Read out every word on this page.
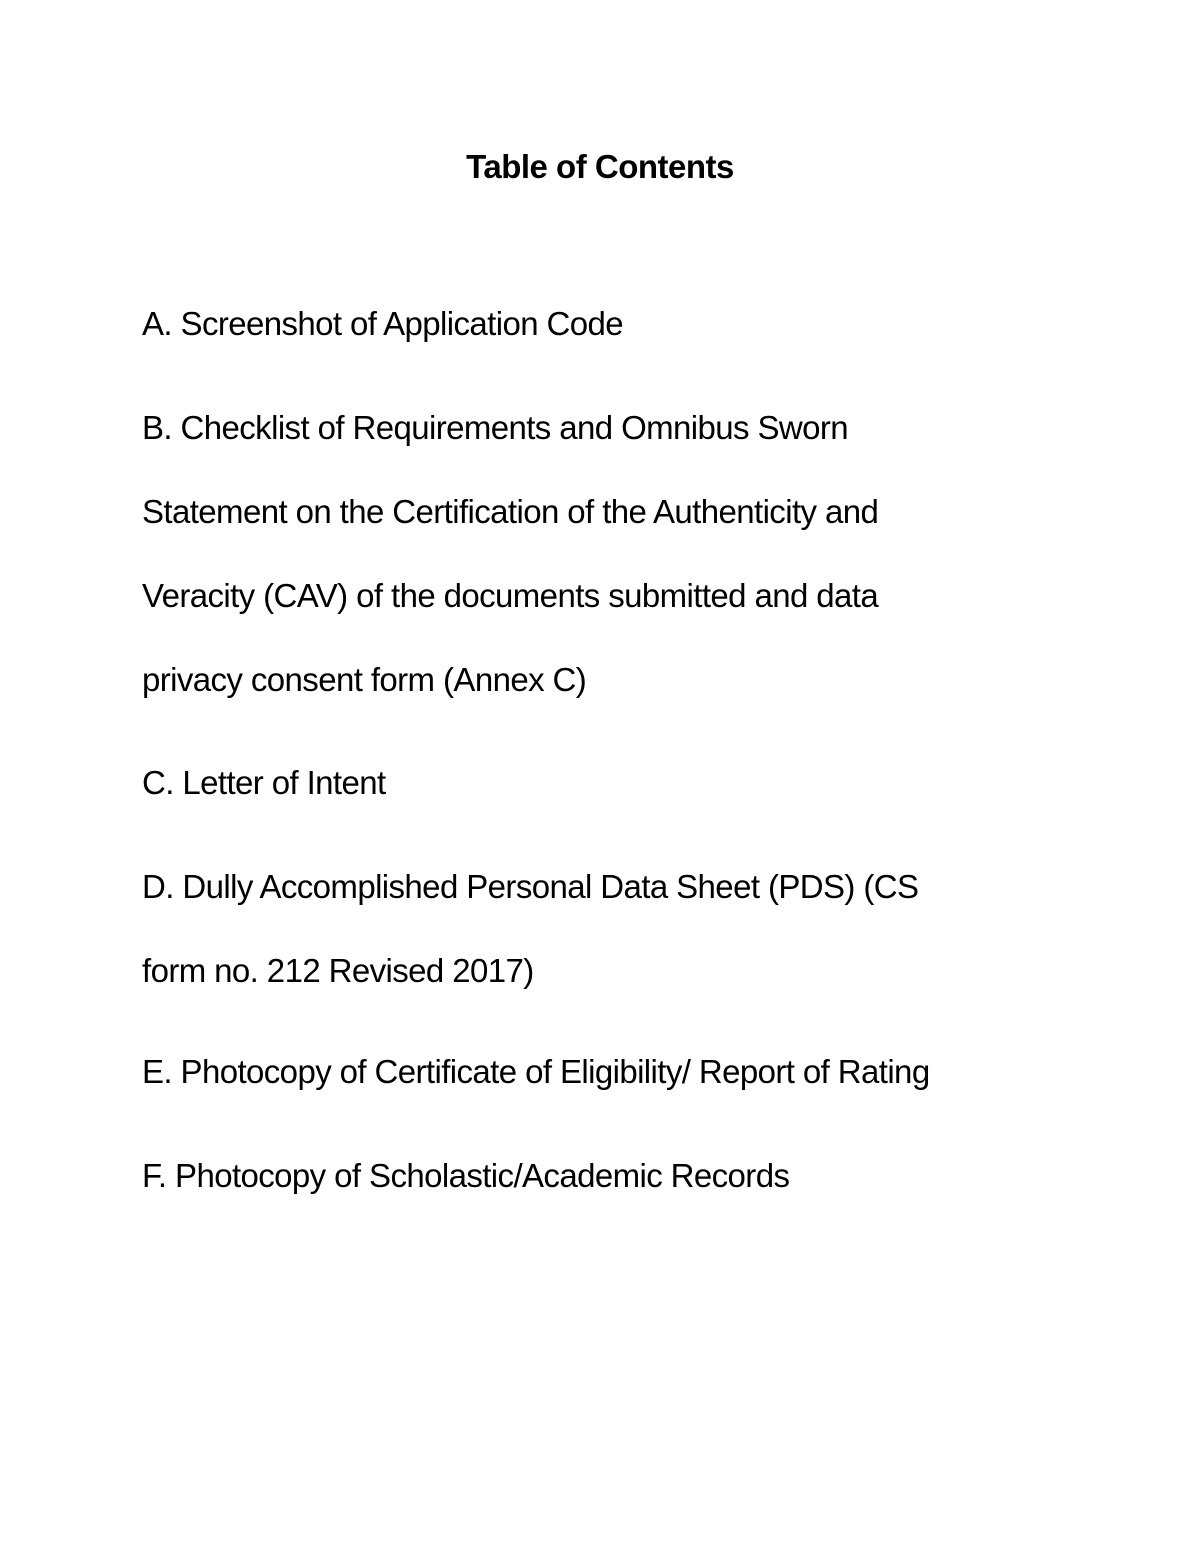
Table of Contents
A. Screenshot of Application Code
B. Checklist of Requirements and Omnibus Sworn
Statement on the Certification of the Authenticity and
Veracity (CAV) of the documents submitted and data
privacy consent form (Annex C)
C. Letter of Intent
D. Dully Accomplished Personal Data Sheet (PDS) (CS
form no. 212 Revised 2017)
E. Photocopy of Certificate of Eligibility/ Report of Rating
F. Photocopy of Scholastic/Academic Records
